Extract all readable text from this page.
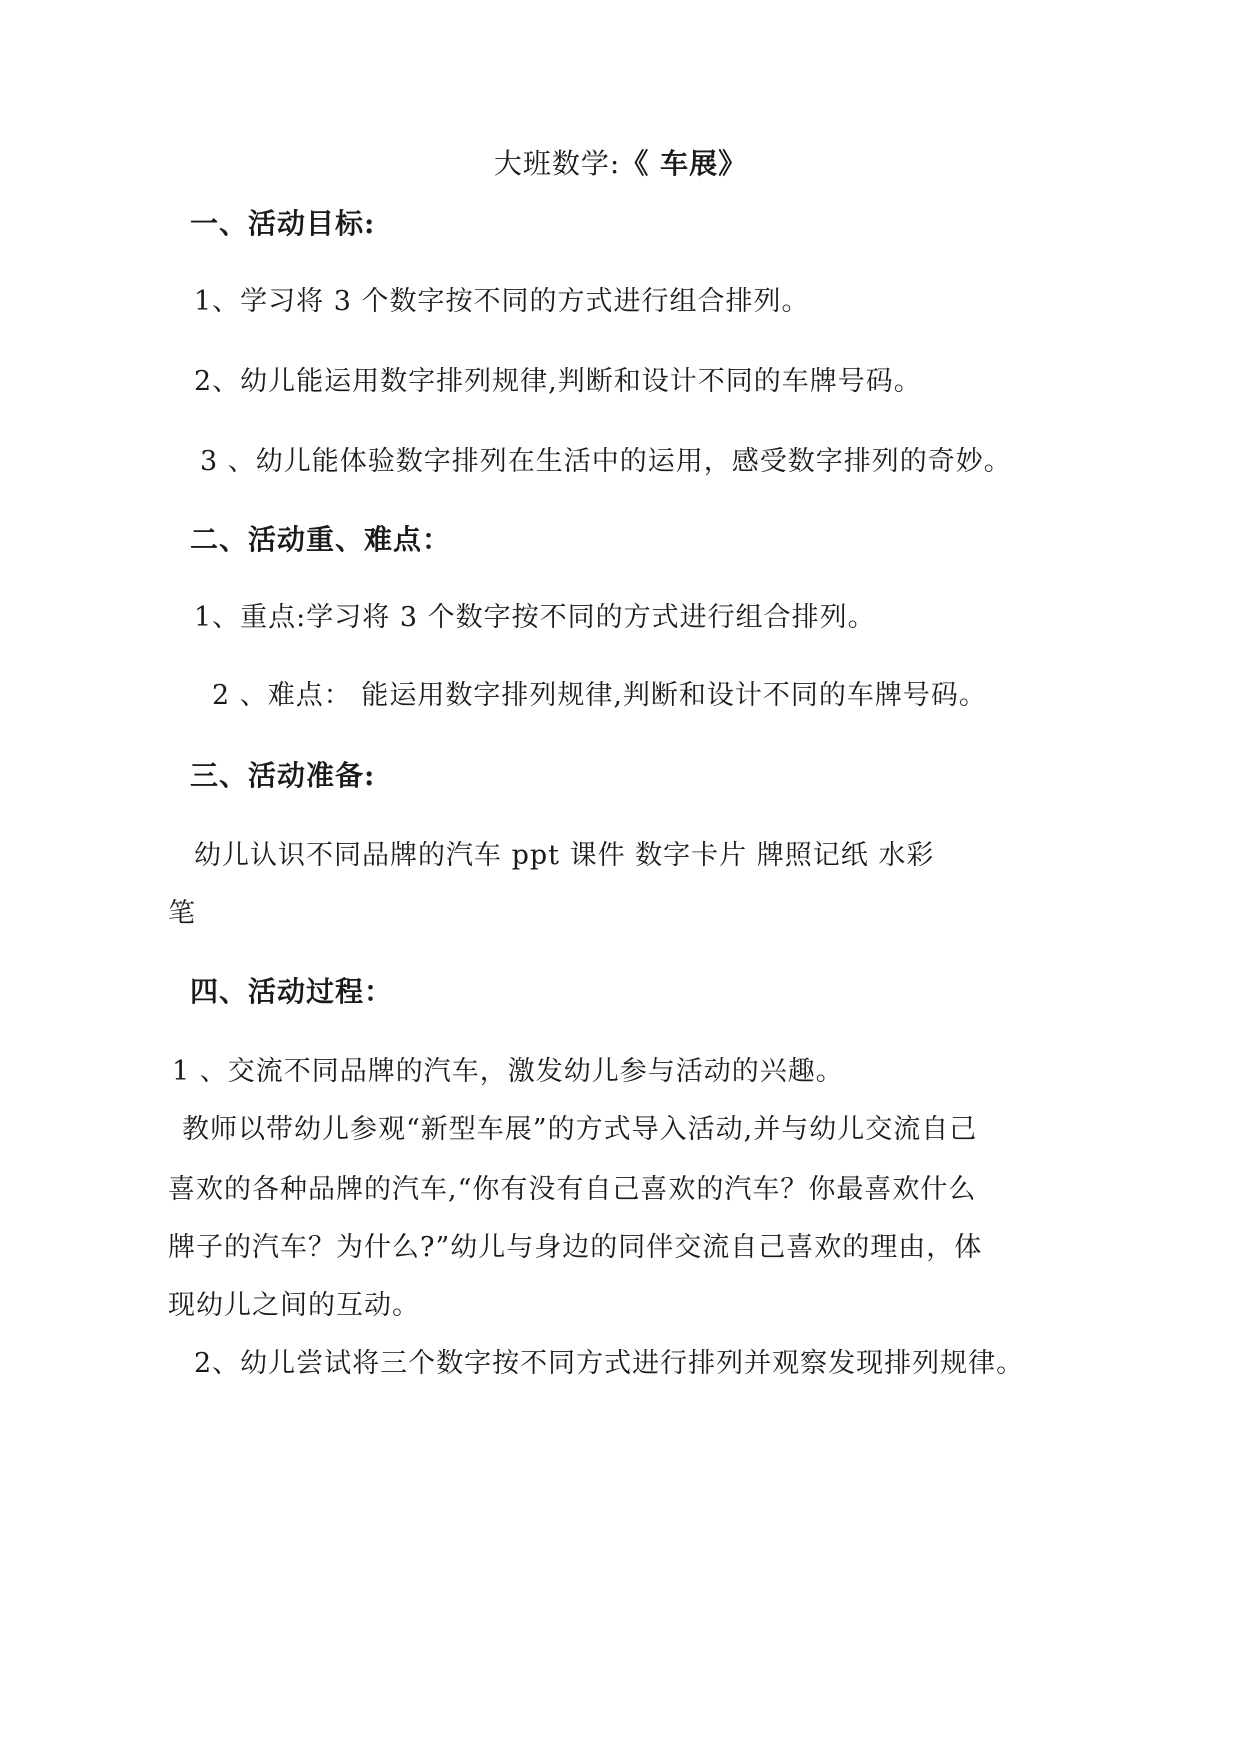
大班数学:《 车展》
一、活动目标:
1、学习将 3 个数字按不同的方式进行组合排列。
2、幼儿能运用数字排列规律,判断和设计不同的车牌号码。
3 、幼儿能体验数字排列在生活中的运用，感受数字排列的奇妙。
二、活动重、难点：
1、重点:学习将 3 个数字按不同的方式进行组合排列。
2 、难点： 能运用数字排列规律,判断和设计不同的车牌号码。
三、活动准备:
幼儿认识不同品牌的汽车 ppt 课件 数字卡片 牌照记纸 水彩
笔
四、活动过程：
1 、交流不同品牌的汽车，激发幼儿参与活动的兴趣。
教师以带幼儿参观“新型车展”的方式导入活动,并与幼儿交流自己
喜欢的各种品牌的汽车,“你有没有自己喜欢的汽车？你最喜欢什么
牌子的汽车？为什么?”幼儿与身边的同伴交流自己喜欢的理由，体
现幼儿之间的互动。
2、幼儿尝试将三个数字按不同方式进行排列并观察发现排列规律。
